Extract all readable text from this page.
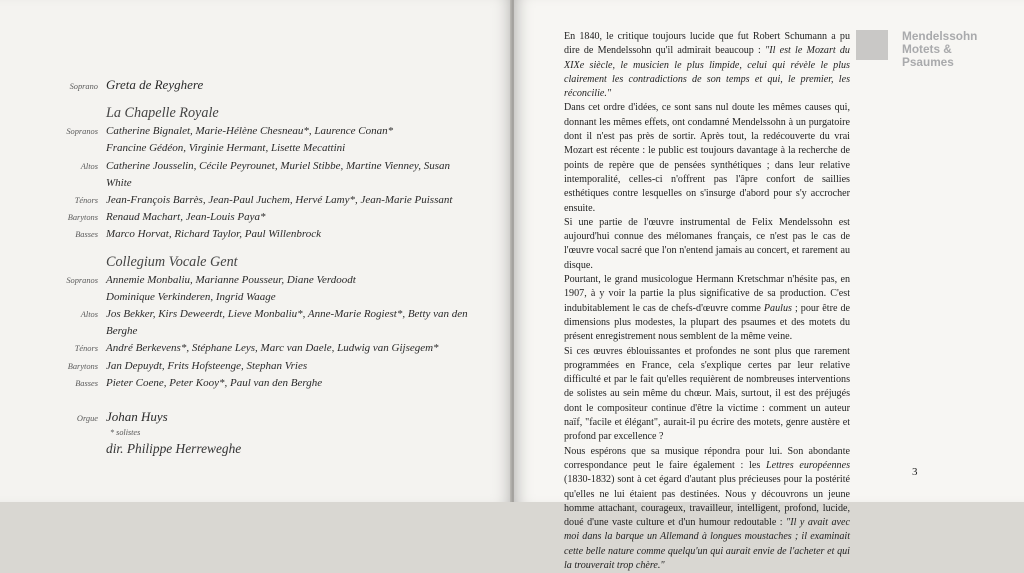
Soprano Greta de Reyghere
La Chapelle Royale
Sopranos Catherine Bignalet, Marie-Hélène Chesneau*, Laurence Conan*
Francine Gédéon, Virginie Hermant, Lisette Mecattini
Altos Catherine Jousselin, Cécile Peyrounet, Muriel Stibbe, Martine Vienney, Susan White
Ténors Jean-François Barrès, Jean-Paul Juchem, Hervé Lamy*, Jean-Marie Puissant
Barytons Renaud Machart, Jean-Louis Paya*
Basses Marco Horvat, Richard Taylor, Paul Willenbrock
Collegium Vocale Gent
Sopranos Annemie Monbaliu, Marianne Pousseur, Diane Verdoodt
Dominique Verkinderen, Ingrid Waage
Altos Jos Bekker, Kirs Deweerdt, Lieve Monbaliu*, Anne-Marie Rogiest*, Betty van den Berghe
Ténors André Berkevens*, Stéphane Leys, Marc van Daele, Ludwig van Gijsegem*
Barytons Jan Depuydt, Frits Hofsteenge, Stephan Vries
Basses Pieter Coene, Peter Kooy*, Paul van den Berghe
Orgue Johan Huys
dir. Philippe Herreweghe
* solistes

En 1840, le critique toujours lucide que fut Robert Schumann a pu dire de Mendelssohn qu'il admirait beaucoup : "Il est le Mozart du XIXe siècle, le musicien le plus limpide, celui qui révèle le plus clairement les contradictions de son temps et qui, le premier, les réconcilie."

Dans cet ordre d'idées, ce sont sans nul doute les mêmes causes qui, donnant les mêmes effets, ont condamné Mendelssohn à un purgatoire dont il n'est pas près de sortir. Après tout, la redécouverte du vrai Mozart est récente : le public est toujours davantage à la recherche de points de repère que de pensées synthétiques ; dans leur relative intemporalité, celles-ci n'offrent pas l'âpre confort de saillies esthétiques contre lesquelles on s'insurge d'abord pour s'y accrocher ensuite.

Si une partie de l'œuvre instrumental de Felix Mendelssohn est aujourd'hui connue des mélomanes français, ce n'est pas le cas de l'œuvre vocal sacré que l'on n'entend jamais au concert, et rarement au disque.

Pourtant, le grand musicologue Hermann Kretschmar n'hésite pas, en 1907, à y voir la partie la plus significative de sa production. C'est indubitablement le cas de chefs-d'œuvre comme Paulus ; pour être de dimensions plus modestes, la plupart des psaumes et des motets du présent enregistrement nous semblent de la même veine.

Si ces œuvres éblouissantes et profondes ne sont plus que rarement programmées en France, cela s'explique certes par leur relative difficulté et par le fait qu'elles requièrent de nombreuses interventions de solistes au sein même du chœur. Mais, surtout, il est des préjugés dont le compositeur continue d'être la victime : comment un auteur naïf, "facile et élégant", aurait-il pu écrire des motets, genre austère et profond par excellence ?

Nous espérons que sa musique répondra pour lui. Son abondante correspondance peut le faire également : les Lettres européennes (1830-1832) sont à cet égard d'autant plus précieuses pour la postérité qu'elles ne lui étaient pas destinées. Nous y découvrons un jeune homme attachant, courageux, travailleur, intelligent, profond, lucide, doué d'une vaste culture et d'un humour redoutable : "Il y avait avec moi dans la barque un Allemand à longues moustaches ; il examinait cette belle nature comme quelqu'un qui aurait envie de l'acheter et qui la trouverait trop chère."

Mendelssohn
Motets &
Psaumes
3
